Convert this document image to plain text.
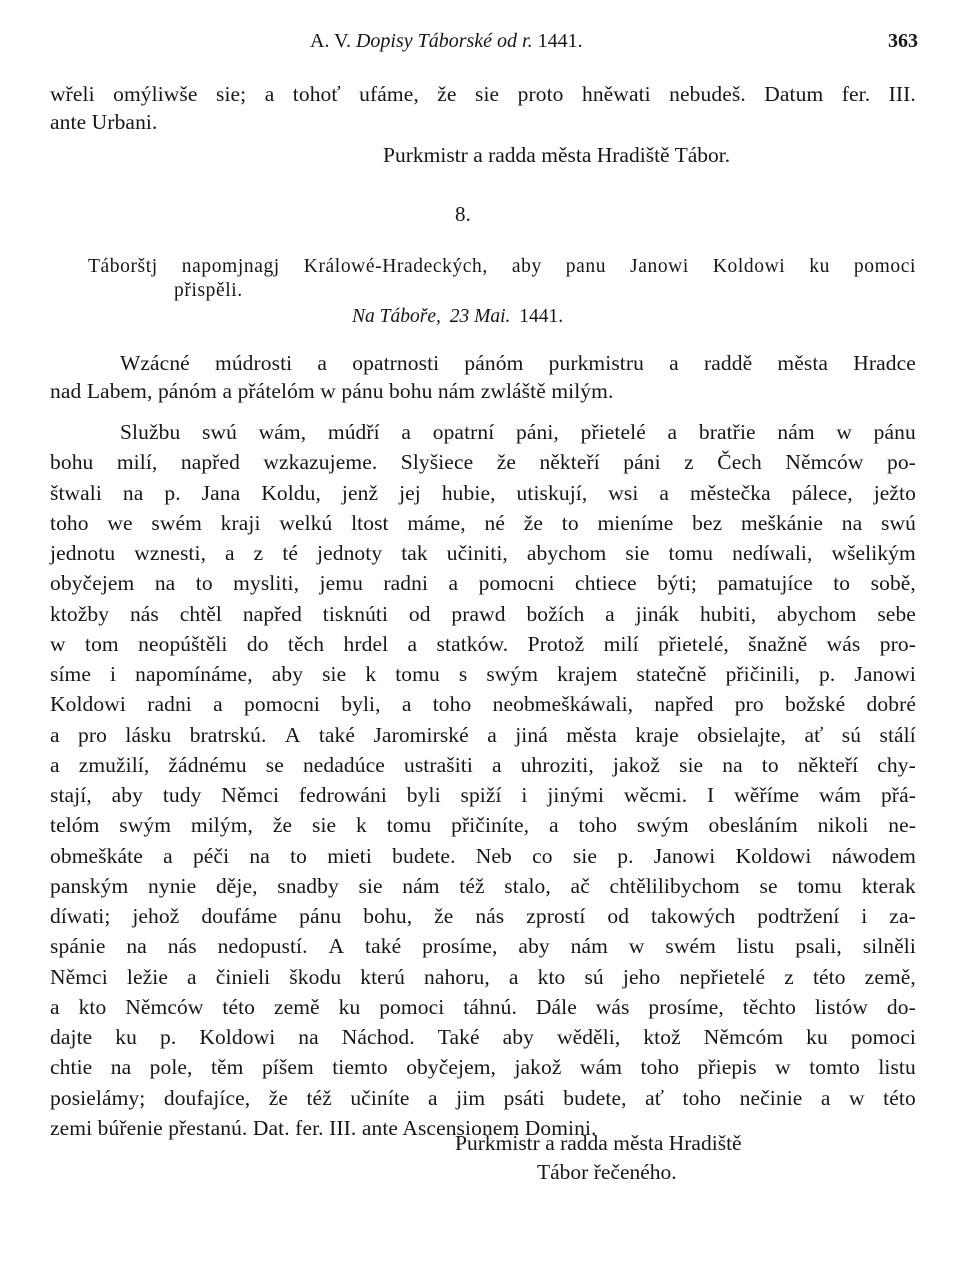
A. V. Dopisy Táborské od r. 1441.	363
wřeli omýliwše sie; a tohoť ufáme, že sie proto hněwati nebudeš. Datum fer. III.
ante Urbani.
Purkmistr a radda města Hradiště Tábor.
8.
Táborštj napomjnagj Králowé-Hradeckých, aby panu Janowi Koldowi ku pomoci
přispěli.
Na Táboře, 23 Mai. 1441.
Wzácné múdrosti a opatrnosti pánóm purkmistru a raddě města Hradce
nad Labem, pánóm a přátelóm w pánu bohu nám zwláště milým.
Službu swú wám, múdří a opatrní páni, přietelé a bratřie nám w pánu
bohu milí, napřed wzkazujeme. Slyšiece že někteří páni z Čech Němców po-
štwali na p. Jana Koldu, jenž jej hubie, utiskují, wsi a městečka pálece, ježto
toho we swém kraji welkú ltost máme, né že to mieníme bez meškánie na swú
jednotu wznesti, a z té jednoty tak učiniti, abychom sie tomu nedíwali, wšelikým
obyčejem na to mysliti, jemu radni a pomocni chtiece býti; pamatujíce to sobě,
ktožby nás chtěl napřed tisknúti od prawd božích a jinák hubiti, abychom sebe
w tom neopúštěli do těch hrdel a statków. Protož milí přietelé, šnažně wás pro-
síme i napomínáme, aby sie k tomu s swým krajem statečně přičinili, p. Janowi
Koldowi radni a pomocni byli, a toho neobmeškáwali, napřed pro božské dobré
a pro lásku bratrskú. A také Jaromirské a jiná města kraje obsielajte, ať sú stálí
a zmužilí, žádnému se nedadúce ustrašiti a uhroziti, jakož sie na to někteří chy-
stají, aby tudy Němci fedrowáni byli spiží i jinými wěcmi. I wěříme wám přá-
telóm swým milým, že sie k tomu přičiníte, a toho swým obesláním nikoli ne-
obmeškáte a péči na to mieti budete. Neb co sie p. Janowi Koldowi náwodem
panským nynie děje, snadby sie nám též stalo, ač chtělilibychom se tomu kterak
díwati; jehož doufáme pánu bohu, že nás zprostí od takowých podtržení i za-
spánie na nás nedopustí. A také prosíme, aby nám w swém listu psali, silněli
Němci ležie a činieli škodu kterú nahoru, a kto sú jeho nepřietelé z této země,
a kto Němców této země ku pomoci táhnú. Dále wás prosíme, těchto listów do-
dajte ku p. Koldowi na Náchod. Také aby wěděli, ktož Němcóm ku pomoci
chtie na pole, těm píšem tiemto obyčejem, jakož wám toho přiepis w tomto listu
posielámy; doufajíce, že též učiníte a jim psáti budete, ať toho nečinie a w této
zemi búřenie přestanú. Dat. fer. III. ante Ascensionem Domini.
Purkmistr a radda města Hradiště
Tábor řečeného.
